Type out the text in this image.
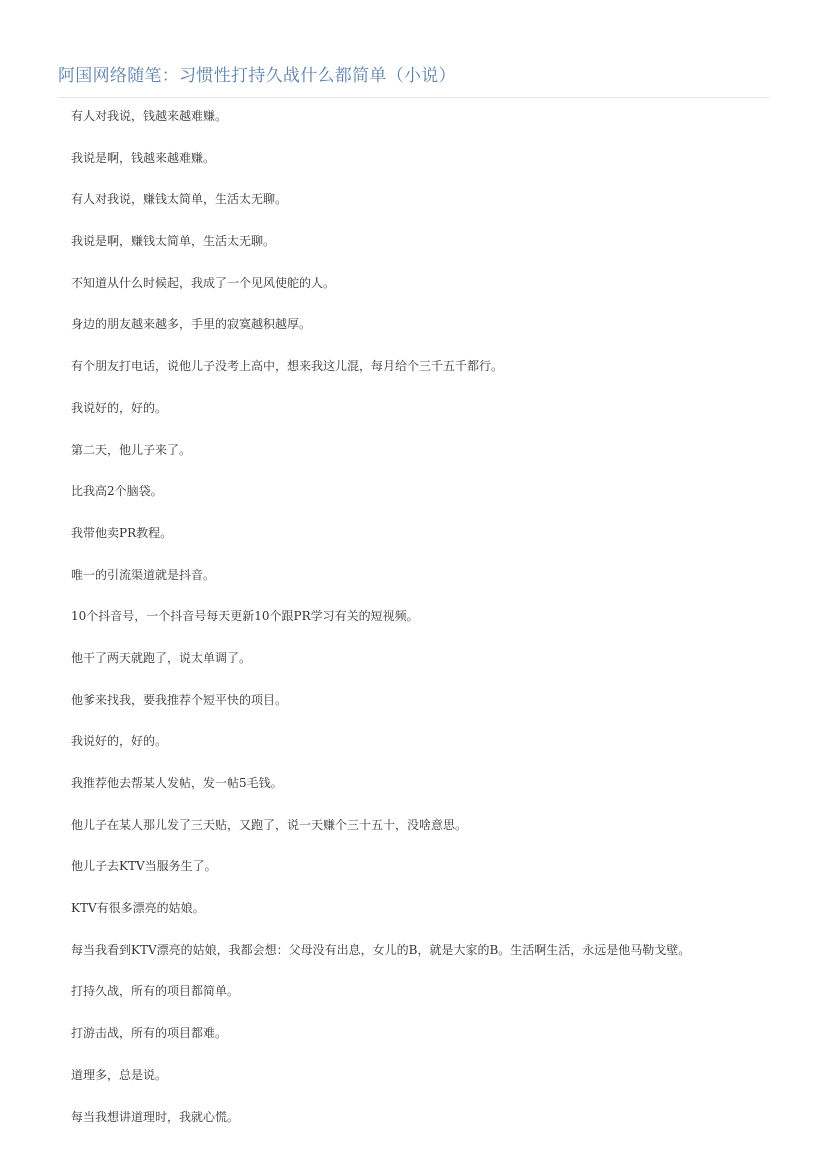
阿国网络随笔：习惯性打持久战什么都简单（小说）
有人对我说，钱越来越难赚。
我说是啊，钱越来越难赚。
有人对我说，赚钱太简单，生活太无聊。
我说是啊，赚钱太简单，生活太无聊。
不知道从什么时候起，我成了一个见风使舵的人。
身边的朋友越来越多，手里的寂寞越积越厚。
有个朋友打电话，说他儿子没考上高中，想来我这儿混，每月给个三千五千都行。
我说好的，好的。
第二天，他儿子来了。
比我高2个脑袋。
我带他卖PR教程。
唯一的引流渠道就是抖音。
10个抖音号，一个抖音号每天更新10个跟PR学习有关的短视频。
他干了两天就跑了，说太单调了。
他爹来找我，要我推荐个短平快的项目。
我说好的，好的。
我推荐他去帮某人发帖，发一帖5毛钱。
他儿子在某人那儿发了三天贴，又跑了，说一天赚个三十五十，没啥意思。
他儿子去KTV当服务生了。
KTV有很多漂亮的姑娘。
每当我看到KTV漂亮的姑娘，我都会想：父母没有出息，女儿的B，就是大家的B。生活啊生活，永远是他马勒戈壁。
打持久战，所有的项目都简单。
打游击战，所有的项目都难。
道理多，总是说。
每当我想讲道理时，我就心慌。
